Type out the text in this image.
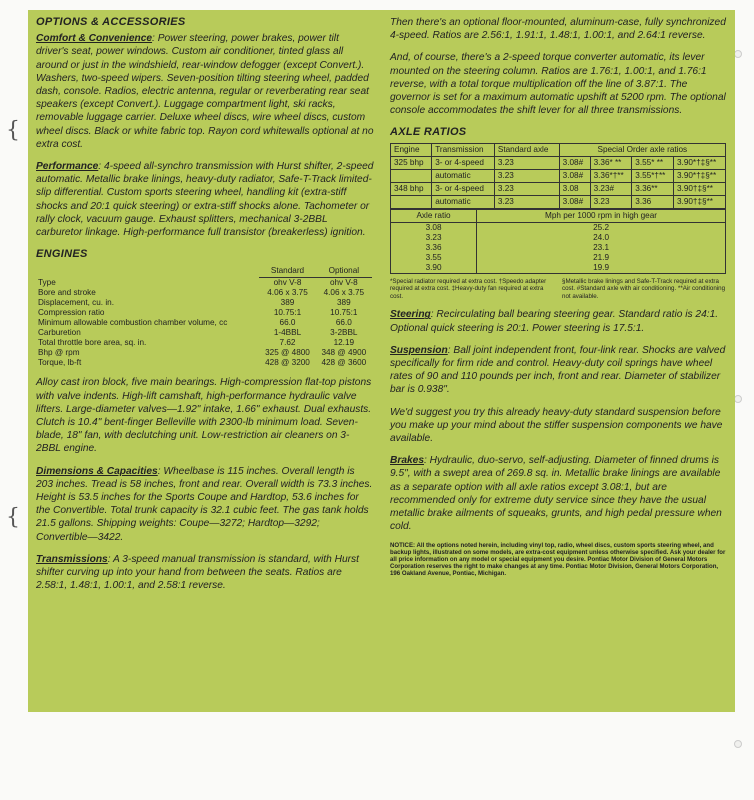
{
{
OPTIONS & ACCESSORIES

Comfort & Convenience: Power steering, power brakes, power tilt driver's seat, power windows. Custom air conditioner, tinted glass all around or just in the windshield, rear-window defogger (except Convert.). Washers, two-speed wipers. Seven-position tilting steering wheel, padded dash, console. Radios, electric antenna, regular or reverberating rear seat speakers (except Convert.). Luggage compartment light, ski racks, removable luggage carrier. Deluxe wheel discs, wire wheel discs, custom wheel discs. Black or white fabric top. Rayon cord whitewalls optional at no extra cost.

Performance: 4-speed all-synchro transmission with Hurst shifter, 2-speed automatic. Metallic brake linings, heavy-duty radiator, Safe-T-Track limited-slip differential. Custom sports steering wheel, handling kit (extra-stiff shocks and 20:1 quick steering) or extra-stiff shocks alone. Tachometer or rally clock, vacuum gauge. Exhaust splitters, mechanical 3-2BBL carburetor linkage. High-performance full transistor (breakerless) ignition.

ENGINES
	Standard	Optional
Type	ohv V-8	ohv V-8
Bore and stroke	4.06 x 3.75	4.06 x 3.75
Displacement, cu. in.	389	389
Compression ratio	10.75:1	10.75:1
Minimum allowable combustion chamber volume, cc	66.0	66.0
Carburetion	1-4BBL	3-2BBL
Total throttle bore area, sq. in.	7.62	12.19
Bhp @ rpm	325 @ 4800	348 @ 4900
Torque, lb-ft	428 @ 3200	428 @ 3600

Alloy cast iron block, five main bearings. High-compression flat-top pistons with valve indents. High-lift camshaft, high-performance hydraulic valve lifters. Large-diameter valves—1.92" intake, 1.66" exhaust. Dual exhausts. Clutch is 10.4" bent-finger Belleville with 2300-lb minimum load. Seven-blade, 18" fan, with declutching unit. Low-restriction air cleaners on 3-2BBL engine.

Dimensions & Capacities: Wheelbase is 115 inches. Overall length is 203 inches. Tread is 58 inches, front and rear. Overall width is 73.3 inches. Height is 53.5 inches for the Sports Coupe and Hardtop, 53.6 inches for the Convertible. Total trunk capacity is 32.1 cubic feet. The gas tank holds 21.5 gallons. Shipping weights: Coupe—3272; Hardtop—3292; Convertible—3422.

Transmissions: A 3-speed manual transmission is standard, with Hurst shifter curving up into your hand from between the seats. Ratios are 2.58:1, 1.48:1, 1.00:1, and 2.58:1 reverse.

Then there's an optional floor-mounted, aluminum-case, fully synchronized 4-speed. Ratios are 2.56:1, 1.91:1, 1.48:1, 1.00:1, and 2.64:1 reverse.

And, of course, there's a 2-speed torque converter automatic, its lever mounted on the steering column. Ratios are 1.76:1, 1.00:1, and 1.76:1 reverse, with a total torque multiplication off the line of 3.87:1. The governor is set for a maximum automatic upshift at 5200 rpm. The optional console accommodates the shift lever for all three transmissions.

AXLE RATIOS
Engine	Transmission	Standard axle	Special Order axle ratios			
325 bhp	3- or 4-speed	3.23	3.08#	3.36* **	3.55* **	3.90*†‡§**
	automatic	3.23	3.08#	3.36*†**	3.55*†**	3.90*†‡§**
348 bhp	3- or 4-speed	3.23	3.08	3.23#	3.36**	3.90†‡§**
	automatic	3.23	3.08#	3.23	3.36	3.90†‡§**
Axle ratio	Mph per 1000 rpm in high gear
3.08	25.2
3.23	24.0
3.36	23.1
3.55	21.9
3.90	19.9
*Special radiator required at extra cost. †Speedo adapter required at extra cost. ‡Heavy-duty fan required at extra cost.
§Metallic brake linings and Safe-T-Track required at extra cost. #Standard axle with air conditioning. **Air conditioning not available.

Steering: Recirculating ball bearing steering gear. Standard ratio is 24:1. Optional quick steering is 20:1. Power steering is 17.5:1.

Suspension: Ball joint independent front, four-link rear. Shocks are valved specifically for firm ride and control. Heavy-duty coil springs have wheel rates of 90 and 110 pounds per inch, front and rear. Diameter of stabilizer bar is 0.938".

We'd suggest you try this already heavy-duty standard suspension before you make up your mind about the stiffer suspension components we have available.

Brakes: Hydraulic, duo-servo, self-adjusting. Diameter of finned drums is 9.5", with a swept area of 269.8 sq. in. Metallic brake linings are available as a separate option with all axle ratios except 3.08:1, but are recommended only for extreme duty service since they have the usual metallic brake ailments of squeaks, grunts, and high pedal pressure when cold.

NOTICE: All the options noted herein, including vinyl top, radio, wheel discs, custom sports steering wheel, and backup lights, illustrated on some models, are extra-cost equipment unless otherwise specified. Ask your dealer for all price information on any model or special equipment you desire. Pontiac Motor Division of General Motors Corporation reserves the right to make changes at any time. Pontiac Motor Division, General Motors Corporation, 196 Oakland Avenue, Pontiac, Michigan.
